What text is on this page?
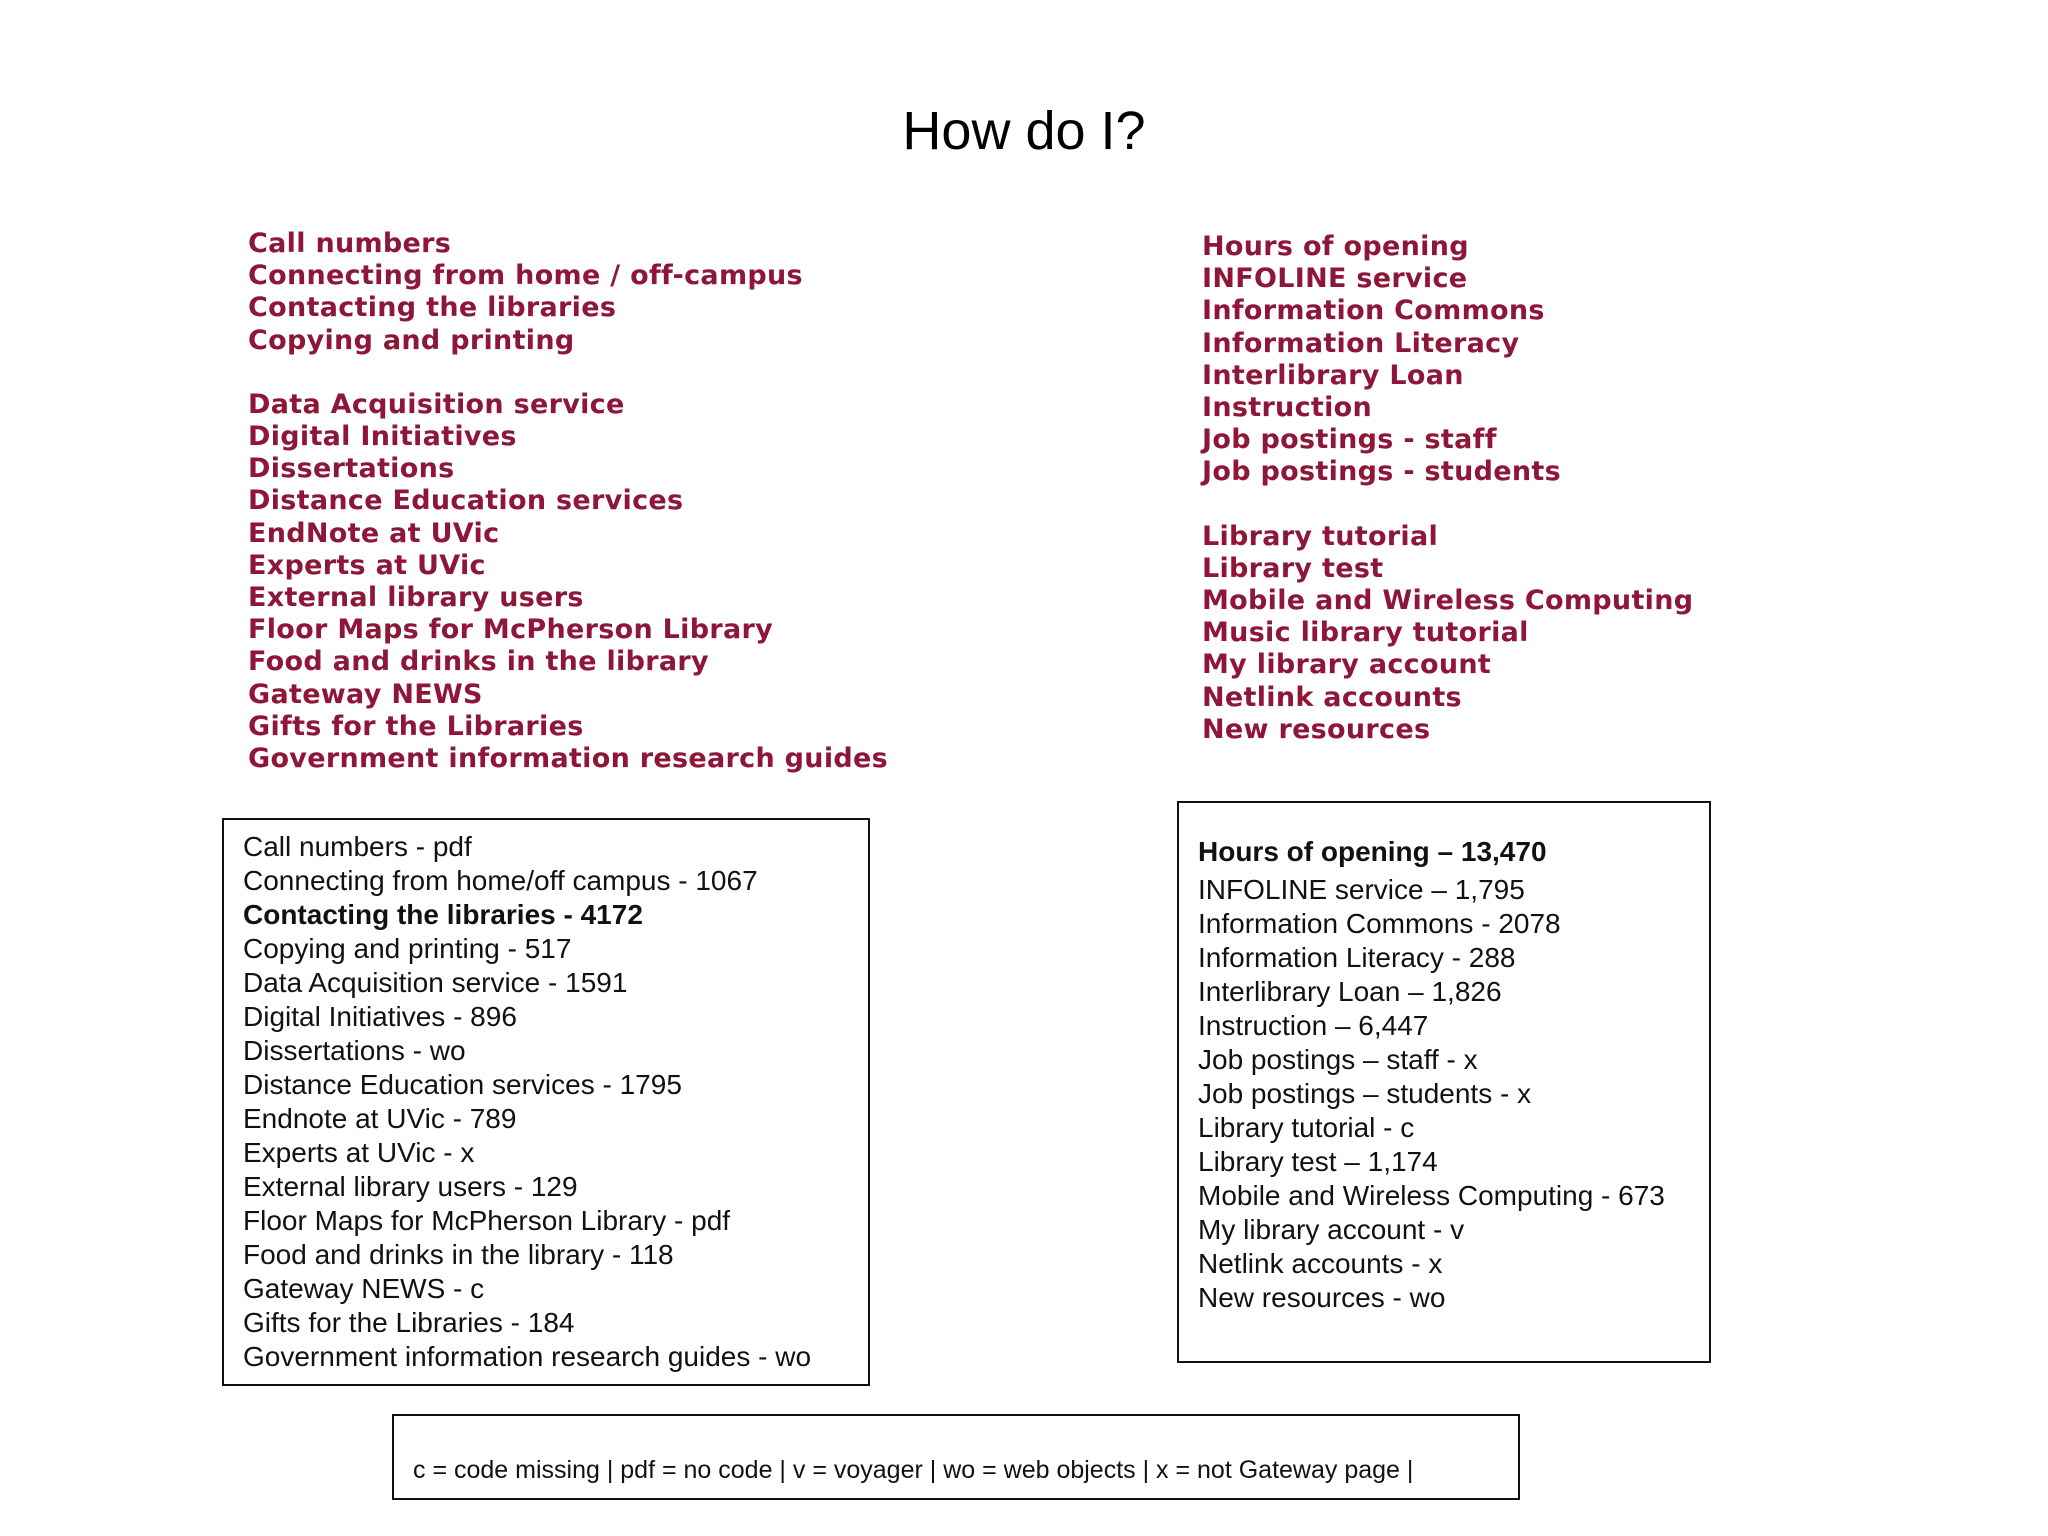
How do I?
Call numbers
Connecting from home / off-campus
Contacting the libraries
Copying and printing
Data Acquisition service
Digital Initiatives
Dissertations
Distance Education services
EndNote at UVic
Experts at UVic
External library users
Floor Maps for McPherson Library
Food and drinks in the library
Gateway NEWS
Gifts for the Libraries
Government information research guides
Hours of opening
INFOLINE service
Information Commons
Information Literacy
Interlibrary Loan
Instruction
Job postings - staff
Job postings - students
Library tutorial
Library test
Mobile and Wireless Computing
Music library tutorial
My library account
Netlink accounts
New resources
Call numbers - pdf
Connecting from home/off campus - 1067
Contacting the libraries - 4172
Copying and printing - 517
Data Acquisition service - 1591
Digital Initiatives - 896
Dissertations - wo
Distance Education services - 1795
Endnote at UVic - 789
Experts at UVic - x
External library users - 129
Floor Maps for McPherson Library - pdf
Food and drinks in the library - 118
Gateway NEWS - c
Gifts for the Libraries - 184
Government information research guides - wo
Hours of opening – 13,470
INFOLINE service – 1,795
Information Commons - 2078
Information Literacy - 288
Interlibrary Loan – 1,826
Instruction – 6,447
Job postings – staff - x
Job postings – students - x
Library tutorial - c
Library test – 1,174
Mobile and Wireless Computing - 673
My library account - v
Netlink accounts - x
New resources - wo
c = code missing | pdf = no code | v = voyager | wo = web objects | x = not Gateway page |
